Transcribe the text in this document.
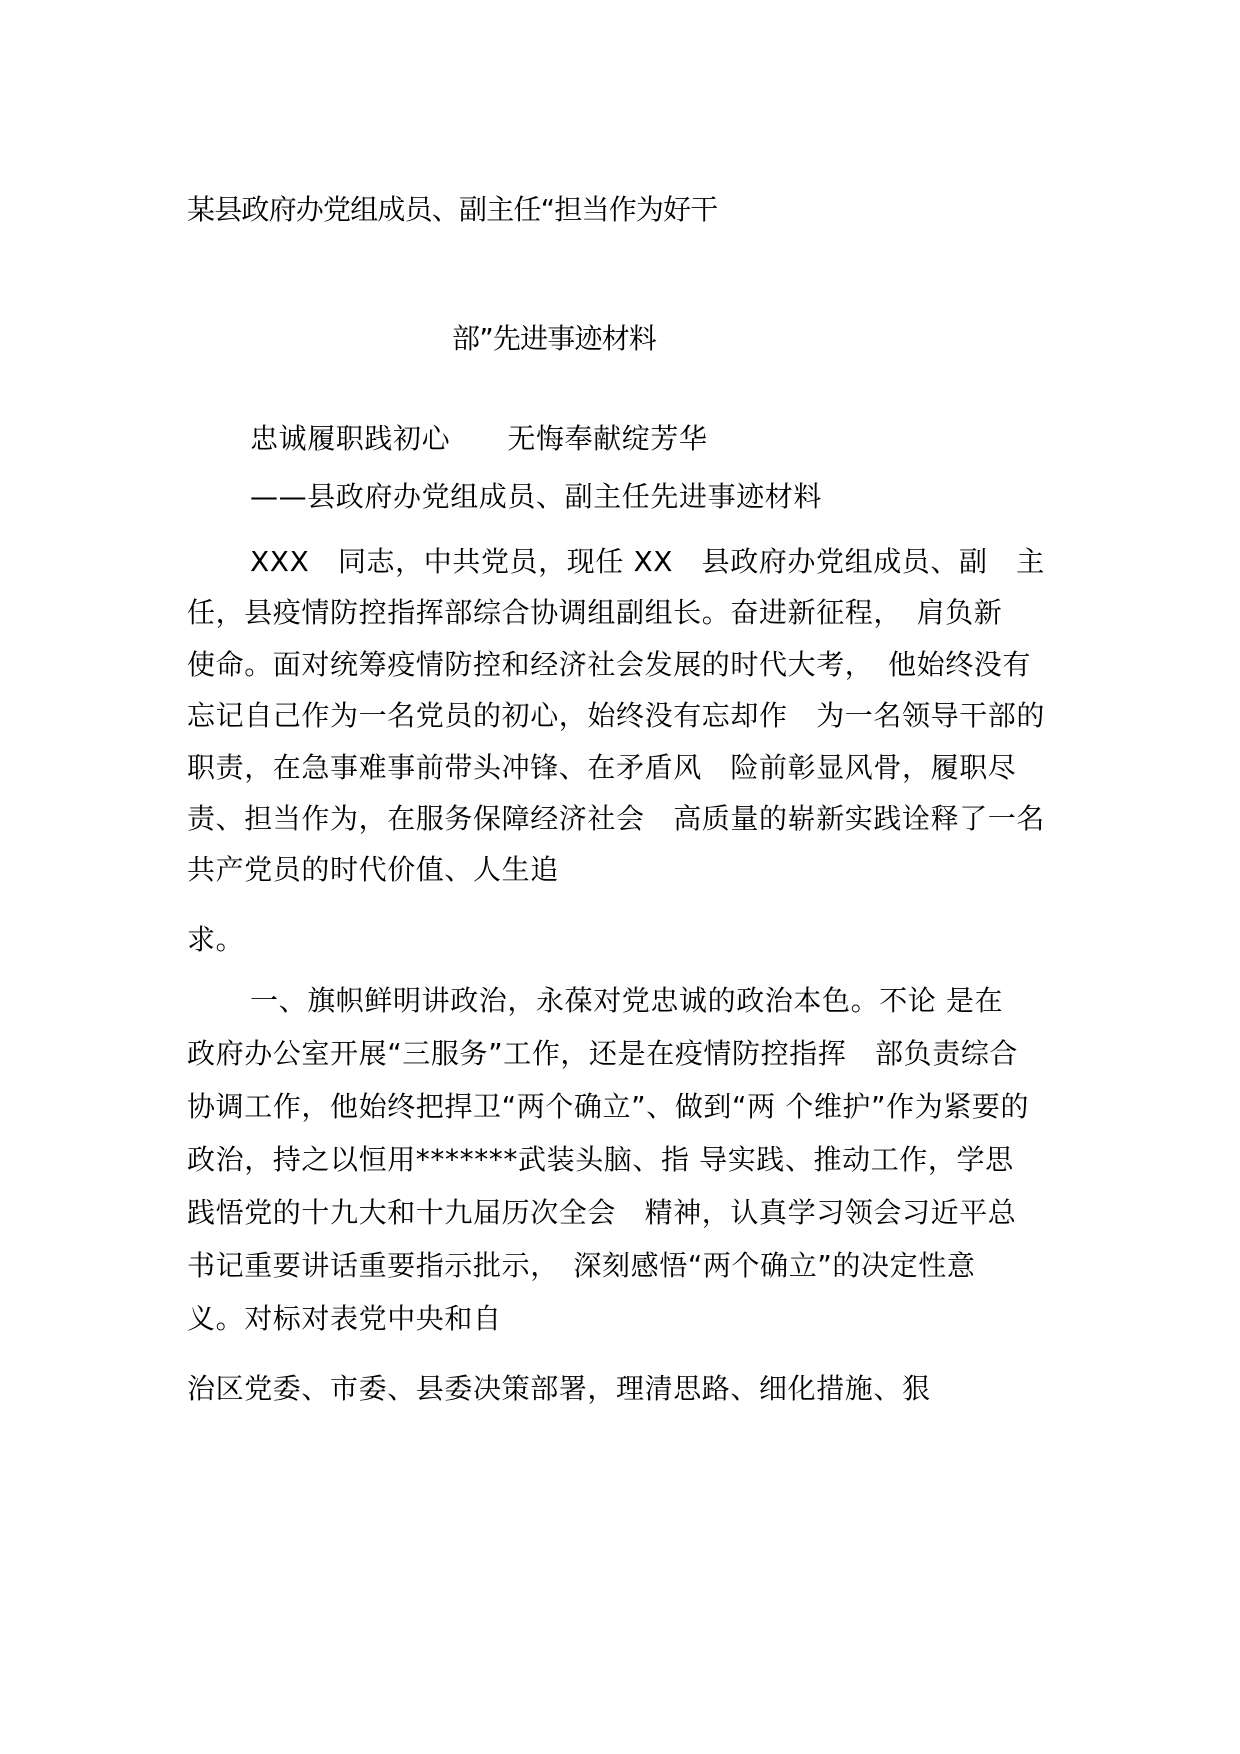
某县政府办党组成员、副主任“担当作为好干
部”先进事迹材料
忠诚履职践初心　　无悔奉献绽芳华
——县政府办党组成员、副主任先进事迹材料
XXX　同志，中共党员，现任 XX　县政府办党组成员、副　主
任，县疫情防控指挥部综合协调组副组长。奋进新征程，　肩负新
使命。面对统筹疫情防控和经济社会发展的时代大考，　他始终没有
忘记自己作为一名党员的初心，始终没有忘却作　为一名领导干部的
职责，在急事难事前带头冲锋、在矛盾风　险前彰显风骨，履职尽
责、担当作为，在服务保障经济社会　高质量的崭新实践诠释了一名
共产党员的时代价值、人生追
求。
一、旗帜鲜明讲政治，永葆对党忠诚的政治本色。不论 是在
政府办公室开展“三服务”工作，还是在疫情防控指挥　部负责综合
协调工作，他始终把捍卫“两个确立”、做到“两 个维护”作为紧要的
政治，持之以恒用*******武装头脑、指 导实践、推动工作，学思
践悟党的十九大和十九届历次全会　精神，认真学习领会习近平总
书记重要讲话重要指示批示，　深刻感悟“两个确立”的决定性意
义。对标对表党中央和自
治区党委、市委、县委决策部署，理清思路、细化措施、狠
